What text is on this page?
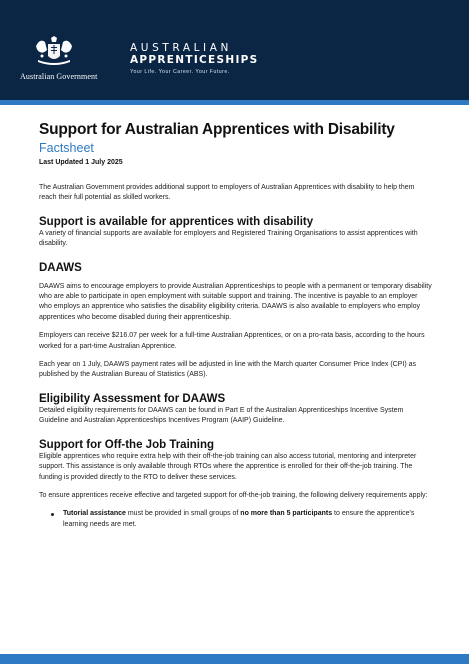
Australian Government
AUSTRALIAN
APPRENTICESHIPS
Your Life. Your Career. Your Future.
Support for Australian Apprentices with Disability
Factsheet
Last Updated 1 July 2025

The Australian Government provides additional support to employers of Australian Apprentices with disability to help them reach their full potential as skilled workers.

Support is available for apprentices with disability

A variety of financial supports are available for employers and Registered Training Organisations to assist apprentices with disability.

DAAWS

DAAWS aims to encourage employers to provide Australian Apprenticeships to people with a permanent or temporary disability who are able to participate in open employment with suitable support and training. The incentive is payable to an employer who employs an apprentice who satisfies the disability eligibility criteria. DAAWS is also available to employers who employ apprentices who become disabled during their apprenticeship.

Employers can receive $216.07 per week for a full-time Australian Apprentices, or on a pro-rata basis, according to the hours worked for a part-time Australian Apprentice.

Each year on 1 July, DAAWS payment rates will be adjusted in line with the March quarter Consumer Price Index (CPI) as published by the Australian Bureau of Statistics (ABS).

Eligibility Assessment for DAAWS

Detailed eligibility requirements for DAAWS can be found in Part E of the Australian Apprenticeships Incentive System Guideline and Australian Apprenticeships Incentives Program (AAIP) Guideline.

Support for Off-the Job Training

Eligible apprentices who require extra help with their off-the-job training can also access tutorial, mentoring and interpreter support. This assistance is only available through RTOs where the apprentice is enrolled for their off-the-job training. The funding is provided directly to the RTO to deliver these services.

To ensure apprentices receive effective and targeted support for off-the-job training, the following delivery requirements apply:

Tutorial assistance must be provided in small groups of no more than 5 participants to ensure the apprentice's learning needs are met.
